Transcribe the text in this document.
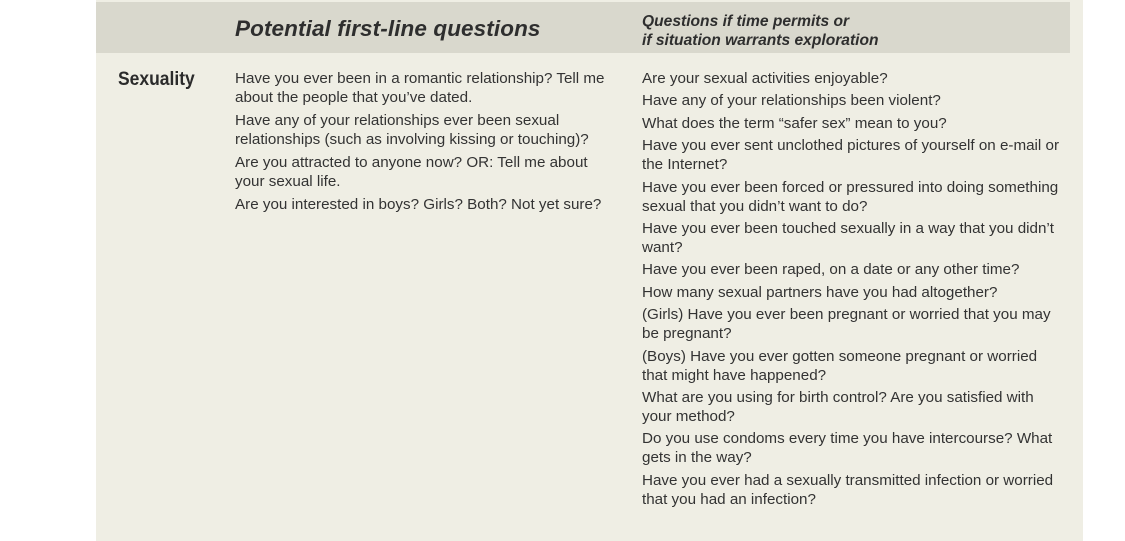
Potential first-line questions	Questions if time permits or
if situation warrants exploration
Sexuality	Have you ever been in a romantic relationship? Tell me about the people that you’ve dated.
Have any of your relationships ever been sexual relationships (such as involving kissing or touching)?
Are you attracted to anyone now? OR: Tell me about your sexual life.
Are you interested in boys? Girls? Both? Not yet sure?
Are your sexual activities enjoyable?
Have any of your relationships been violent?
What does the term “safer sex” mean to you?
Have you ever sent unclothed pictures of yourself on e-mail or the Internet?
Have you ever been forced or pressured into doing something sexual that you didn’t want to do?
Have you ever been touched sexually in a way that you didn’t want?
Have you ever been raped, on a date or any other time?
How many sexual partners have you had altogether?
(Girls) Have you ever been pregnant or worried that you may be pregnant?
(Boys) Have you ever gotten someone pregnant or worried that might have happened?
What are you using for birth control? Are you satisfied with your method?
Do you use condoms every time you have intercourse? What gets in the way?
Have you ever had a sexually transmitted infection or worried that you had an infection?
